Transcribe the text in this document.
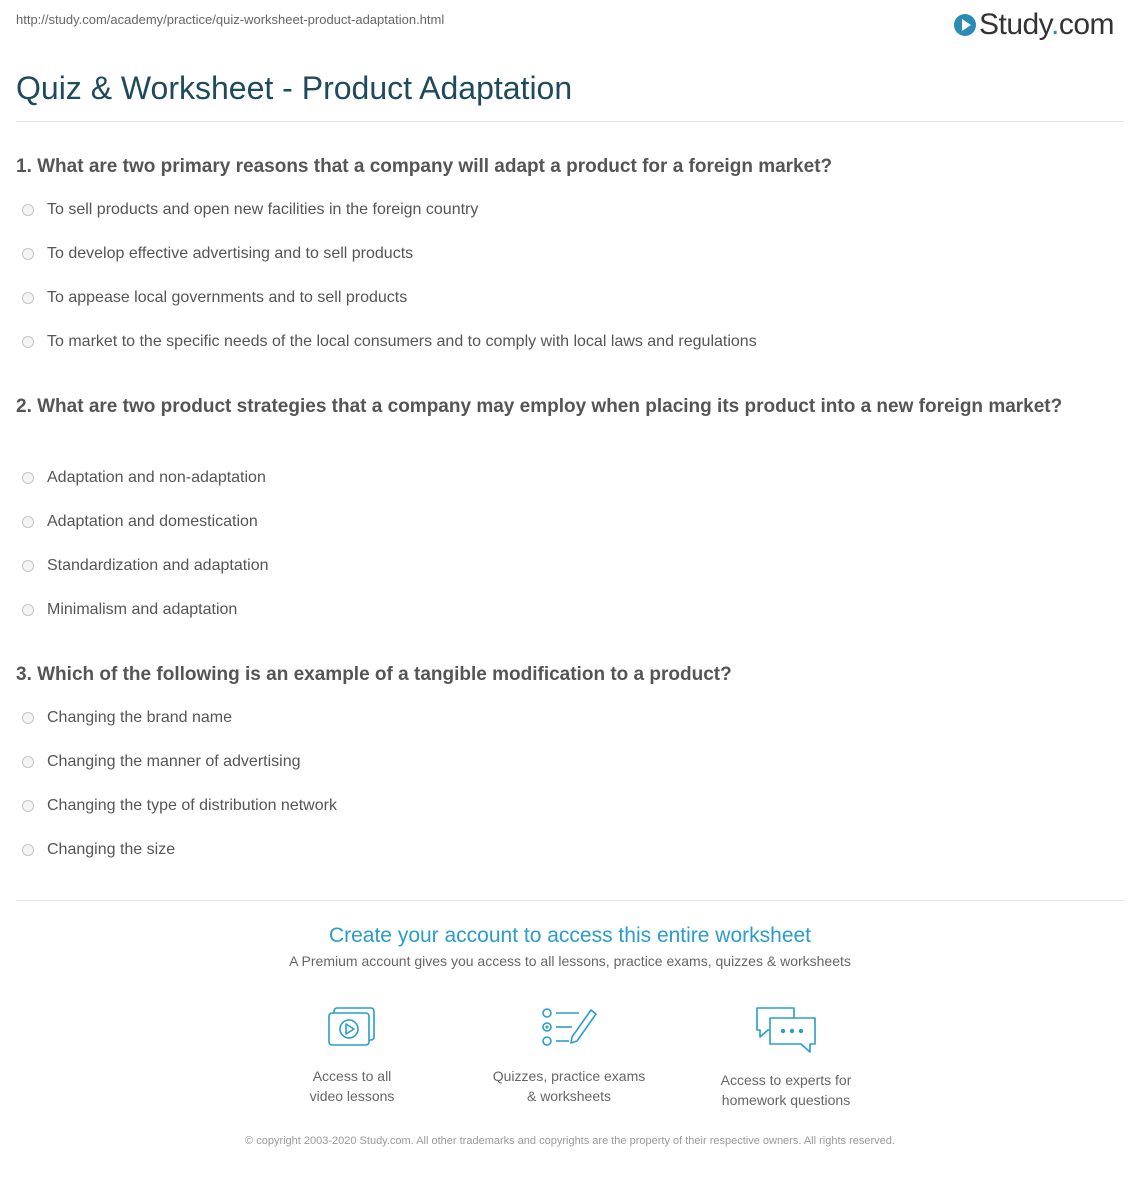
http://study.com/academy/practice/quiz-worksheet-product-adaptation.html	Study.com
Quiz & Worksheet - Product Adaptation
1. What are two primary reasons that a company will adapt a product for a foreign market?
To sell products and open new facilities in the foreign country
To develop effective advertising and to sell products
To appease local governments and to sell products
To market to the specific needs of the local consumers and to comply with local laws and regulations
2. What are two product strategies that a company may employ when placing its product into a new foreign market?
Adaptation and non-adaptation
Adaptation and domestication
Standardization and adaptation
Minimalism and adaptation
3. Which of the following is an example of a tangible modification to a product?
Changing the brand name
Changing the manner of advertising
Changing the type of distribution network
Changing the size
Create your account to access this entire worksheet
A Premium account gives you access to all lessons, practice exams, quizzes & worksheets
Access to all
video lessons
Quizzes, practice exams
& worksheets
Access to experts for
homework questions
© copyright 2003-2020 Study.com. All other trademarks and copyrights are the property of their respective owners. All rights reserved.
